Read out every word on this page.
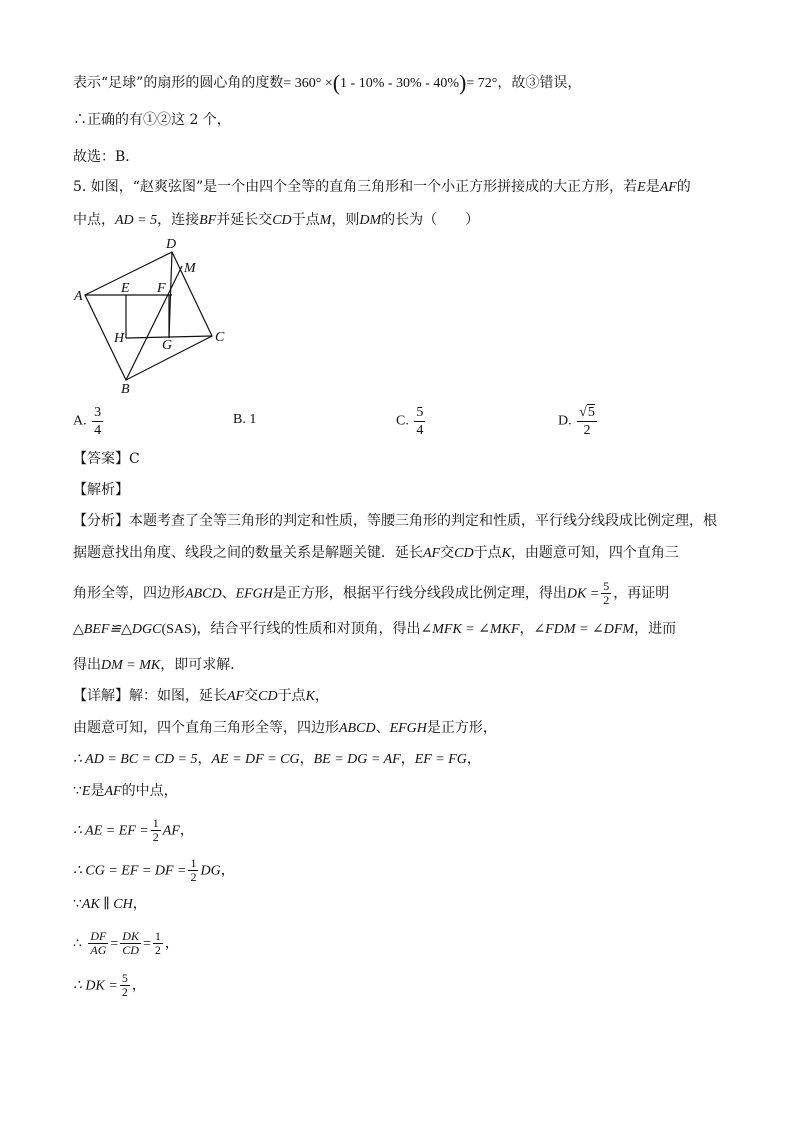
表示“足球”的扇形的圆心角的度数= 360° ×(1 - 10% - 30% - 40%)= 72°，故③错误，
∴正确的有①②这 2 个，
故选：B．
5. 如图，“赵爽弦图”是一个由四个全等的直角三角形和一个小正方形拼接成的大正方形，若E是AF的
中点，AD = 5，连接BF并延长交CD于点M，则DM的长为（　　）
A
D
M
E F
H	G
C
B
A. $\frac{3}{4}$	B. 1	C. $\frac{5}{4}$	D. $\frac{√5}{2}$
【答案】C
【解析】
【分析】本题考查了全等三角形的判定和性质，等腰三角形的判定和性质，平行线分线段成比例定理，根
据题意找出角度、线段之间的数量关系是解题关键．延长AF交CD于点K，由题意可知，四个直角三
角形全等，四边形ABCD、EFGH是正方形，根据平行线分线段成比例定理，得出DK = $\frac{5}{2}$ ，再证明
△BEF≌△DGC(SAS)，结合平行线的性质和对顶角，得出∠MFK = ∠MKF，∠FDM = ∠DFM，进而
得出DM = MK，即可求解．
【详解】解：如图，延长AF交CD于点K，
由题意可知，四个直角三角形全等，四边形ABCD、EFGH是正方形，
∴ AD = BC = CD = 5，AE = DF = CG，BE = DG = AF，EF = FG，
∵E是AF的中点，
∴ AE = EF = $\frac{1}{2}$ AF，
∴ CG = EF = DF = $\frac{1}{2}$ DG，
∵AK ∥ CH，
∴ $\frac{DF}{AG} = \frac{DK}{CD} = \frac{1}{2}$ ，
∴ DK = $\frac{5}{2}$ ，
